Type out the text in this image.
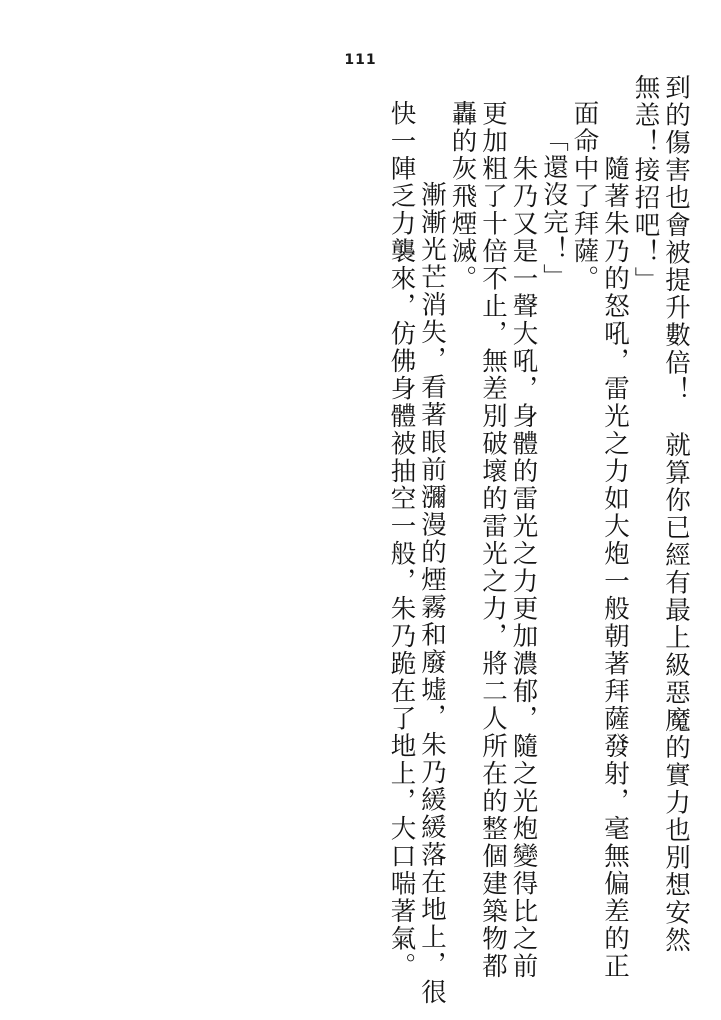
111
到的傷害也會被提升數倍！　就算你已經有最上級惡魔的實力也別想安然
無恙！接招吧！」
　　隨著朱乃的怒吼，雷光之力如大炮一般朝著拜薩發射，毫無偏差的正
面命中了拜薩。
「還沒完！」
　　朱乃又是一聲大吼，身體的雷光之力更加濃郁，隨之光炮變得比之前
更加粗了十倍不止，無差別破壞的雷光之力，將二人所在的整個建築物都
轟的灰飛煙滅。
　　漸漸光芒消失，看著眼前瀰漫的煙霧和廢墟，朱乃緩緩落在地上，很
快一陣乏力襲來，仿佛身體被抽空一般，朱乃跪在了地上，大口喘著氣。
